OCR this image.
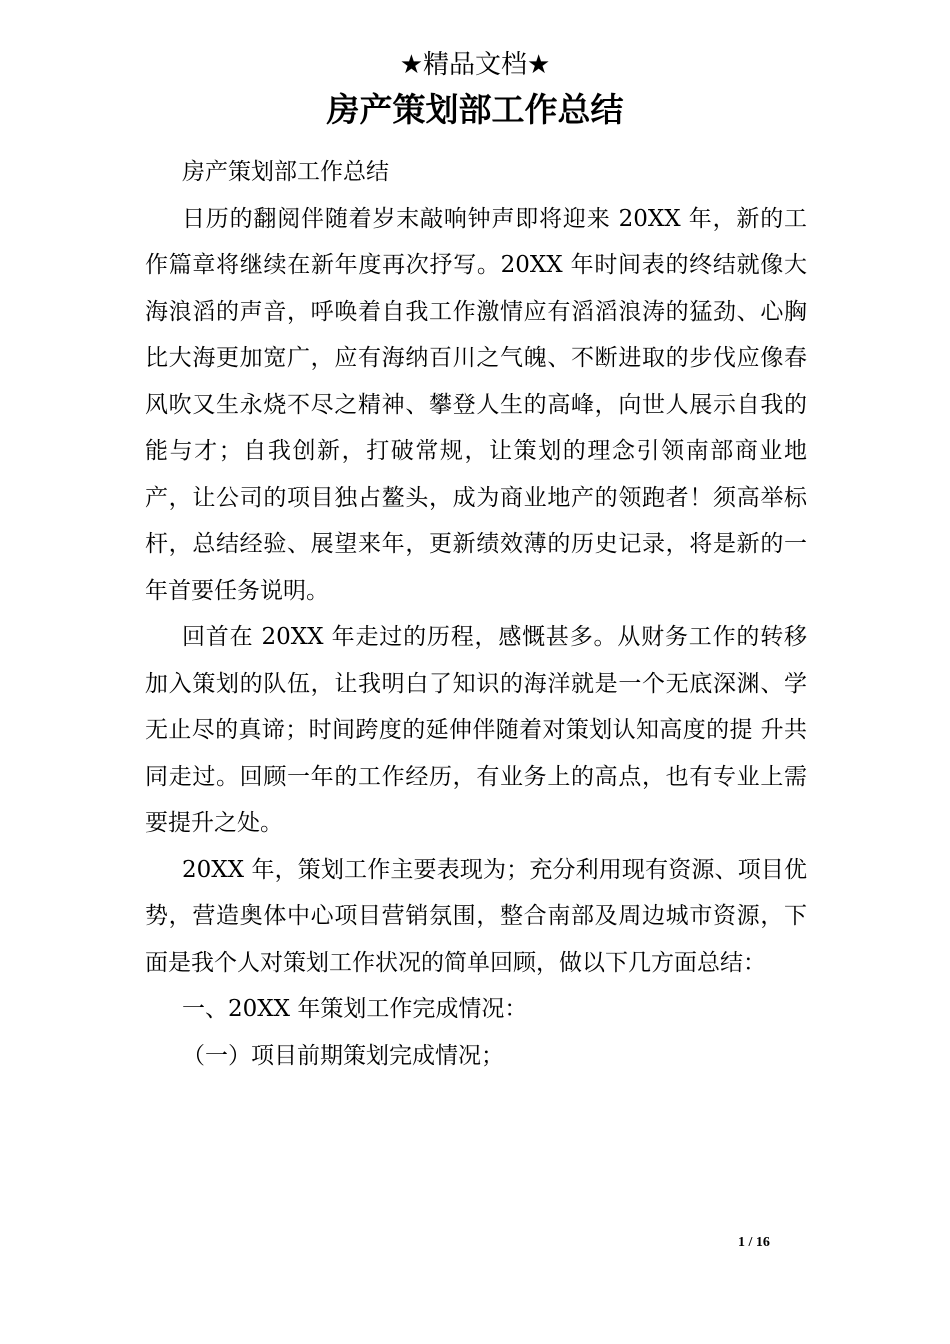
★精品文档★
房产策划部工作总结

房产策划部工作总结

日历的翻阅伴随着岁末敲响钟声即将迎来 20XX 年，新的工作篇章将继续在新年度再次抒写。20XX 年时间表的终结就像大海浪滔的声音，呼唤着自我工作激情应有滔滔浪涛的猛劲、心胸比大海更加宽广，应有海纳百川之气魄、不断进取的步伐应像春风吹又生永烧不尽之精神、攀登人生的高峰，向世人展示自我的能与才；自我创新，打破常规，让策划的理念引领南部商业地产，让公司的项目独占鳌头，成为商业地产的领跑者！须高举标杆，总结经验、展望来年，更新绩效薄的历史记录，将是新的一年首要任务说明。

回首在 20XX 年走过的历程，感慨甚多。从财务工作的转移加入策划的队伍，让我明白了知识的海洋就是一个无底深渊、学无止尽的真谛；时间跨度的延伸伴随着对策划认知高度的提 升共同走过。回顾一年的工作经历，有业务上的高点，也有专业上需要提升之处。

20XX 年，策划工作主要表现为；充分利用现有资源、项目优势，营造奥体中心项目营销氛围，整合南部及周边城市资源，下面是我个人对策划工作状况的简单回顾，做以下几方面总结：

一、20XX 年策划工作完成情况：

（一）项目前期策划完成情况；

1 / 16
